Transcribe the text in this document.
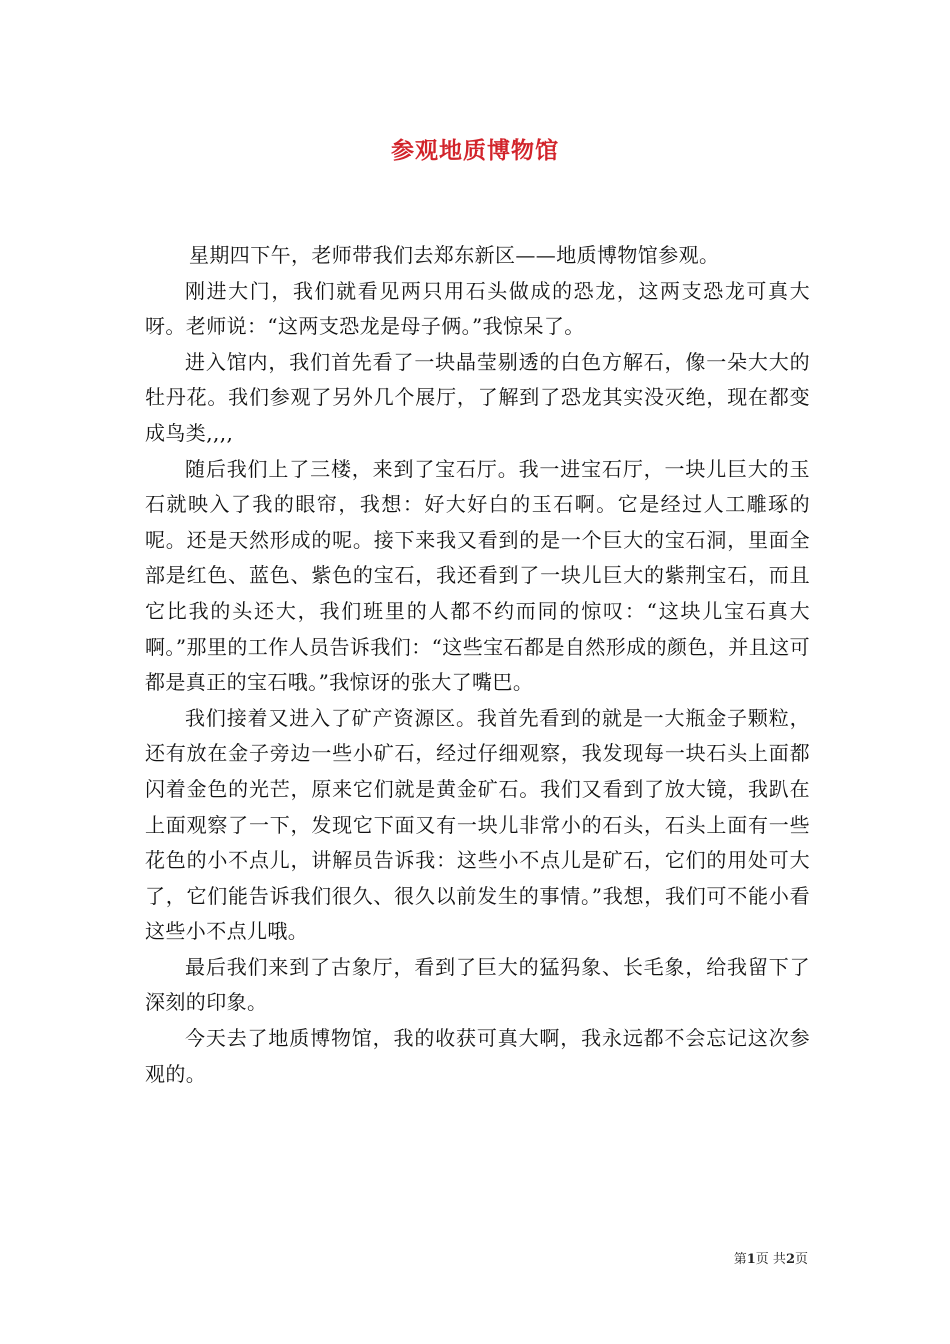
参观地质博物馆

星期四下午，老师带我们去郑东新区——地质博物馆参观。

刚进大门，我们就看见两只用石头做成的恐龙，这两支恐龙可真大呀。老师说：“这两支恐龙是母子俩。”我惊呆了。

进入馆内，我们首先看了一块晶莹剔透的白色方解石，像一朵大大的牡丹花。我们参观了另外几个展厅，了解到了恐龙其实没灭绝，现在都变成鸟类,,,,

随后我们上了三楼，来到了宝石厅。我一进宝石厅，一块儿巨大的玉石就映入了我的眼帘，我想：好大好白的玉石啊。它是经过人工雕琢的呢。还是天然形成的呢。接下来我又看到的是一个巨大的宝石洞，里面全部是红色、蓝色、紫色的宝石，我还看到了一块儿巨大的紫荆宝石，而且它比我的头还大，我们班里的人都不约而同的惊叹：“这块儿宝石真大啊。”那里的工作人员告诉我们：“这些宝石都是自然形成的颜色，并且这可都是真正的宝石哦。”我惊讶的张大了嘴巴。

我们接着又进入了矿产资源区。我首先看到的就是一大瓶金子颗粒，还有放在金子旁边一些小矿石，经过仔细观察，我发现每一块石头上面都闪着金色的光芒，原来它们就是黄金矿石。我们又看到了放大镜，我趴在上面观察了一下，发现它下面又有一块儿非常小的石头，石头上面有一些花色的小不点儿，讲解员告诉我：这些小不点儿是矿石，它们的用处可大了，它们能告诉我们很久、很久以前发生的事情。”我想，我们可不能小看这些小不点儿哦。

最后我们来到了古象厅，看到了巨大的猛犸象、长毛象，给我留下了深刻的印象。

今天去了地质博物馆，我的收获可真大啊，我永远都不会忘记这次参观的。

第1页 共2页
